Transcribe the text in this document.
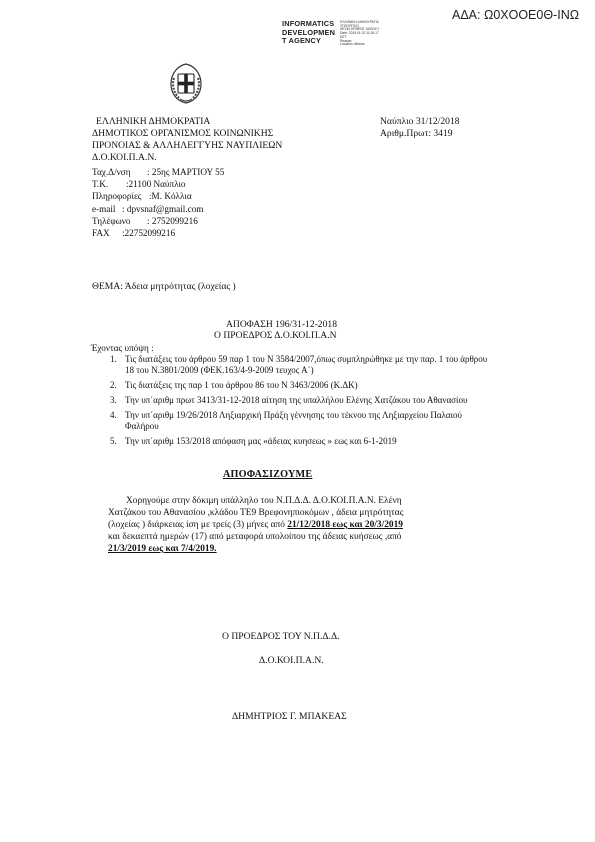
ΑΔΑ: Ω0ΧΟΟΕ0Θ-ΙΝΩ
INFORMATICS
DEVELOPMEN
T AGENCY
ΕΛΛΗΝΙΚΗ ΔΗΜΟΚΡΑΤΙΑ
ΥΠΟΥΡΓΕΙΟ
DEVELOPMENT AGENCY
Date: 2019.01.02 11:26:17
EET
Reason:
Location: Athens
ΕΛΛΗΝΙΚΗ ΔΗΜΟΚΡΑΤΙΑ
ΔΗΜΟΤΙΚΟΣ ΟΡΓΑΝΙΣΜΟΣ ΚΟΙΝΩΝΙΚΗΣ
ΠΡΟΝΟΙΑΣ & ΑΛΛΗΛΕΓΓΥΗΣ ΝΑΥΠΛΙΕΩΝ
Δ.Ο.ΚΟΙ.Π.Α.Ν.
Ναύπλιο 31/12/2018
Αριθμ.Πρωτ: 3419
Ταχ.Δ/νση	: 25ης ΜΑΡΤΙΟΥ 55
Τ.Κ.	:21100 Ναύπλιο
Πληροφορίες :Μ. Κόλλια
e-mail : dpvsnaf@gmail.com
Τηλέφωνο	: 2752099216
FAX	:22752099216
ΘΕΜΑ: Άδεια μητρότητας (λοχείας )
ΑΠΟΦΑΣΗ 196/31-12-2018
Ο ΠΡΟΕΔΡΟΣ Δ.Ο.ΚΟΙ.Π.Α.Ν
Έχοντας υπόψη :
1. Τις διατάξεις του άρθρου 59 παρ 1 του Ν 3584/2007,όπως συμπληρώθηκε με την παρ. 1 του άρθρου 18 του Ν.3801/2009 (ΦΕΚ.163/4-9-2009 τευχος Α΄)
2. Τις διατάξεις της παρ 1 του άρθρου 86 του Ν 3463/2006 (Κ.ΔΚ)
3. Την υπ΄αριθμ πρωτ 3413/31-12-2018 αίτηση της υπαλλήλου Ελένης Χατζάκου του Αθανασίου
4. Την υπ΄αριθμ 19/26/2018 Ληξιαρχική Πράξη γέννησης του τέκνου της Ληξιαρχείου Παλαιού Φαλήρου
5. Την υπ΄αριθμ 153/2018 απόφαση μας «άδειας κυησεως » εως και 6-1-2019
ΑΠΟΦΑΣΙΖΟΥΜΕ
Χορηγούμε στην δόκιμη υπάλληλο του Ν.Π.Δ.Δ. Δ.Ο.ΚΟΙ.Π.Α.Ν. Ελένη
Χατζάκου του Αθανασίου ,κλάδου ΤΕ9 Βρεφονηπιοκόμων , άδεια μητρότητας
(λοχείας ) διάρκειας ίση με τρείς (3) μήνες από 21/12/2018 εως και 20/3/2019
και δεκαεπτά ημερών (17) από μεταφορά υπολοίπου της άδειας κυήσεως ,από
21/3/2019 εως και 7/4/2019.
Ο ΠΡΟΕΔΡΟΣ ΤΟΥ Ν.Π.Δ.Δ.
Δ.Ο.ΚΟΙ.Π.Α.Ν.
ΔΗΜΗΤΡΙΟΣ Γ. ΜΠΑΚΕΑΣ
